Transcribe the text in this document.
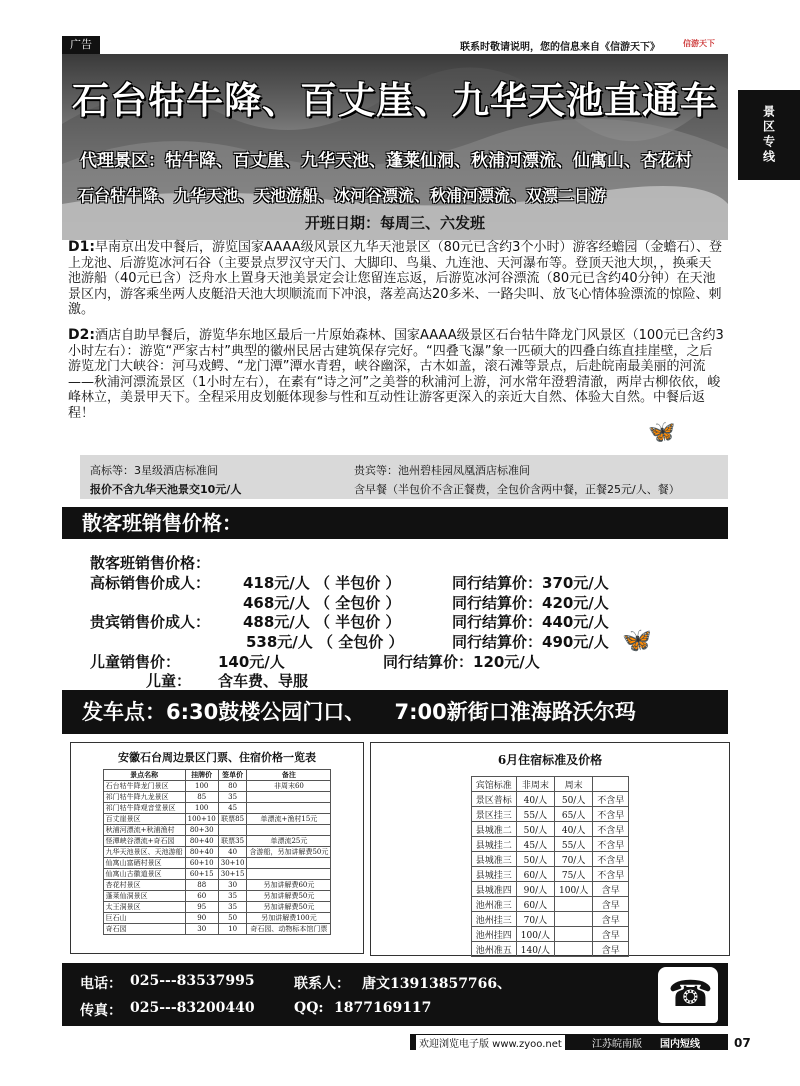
广告	联系时敬请说明，您的信息来自《信游天下》	信游天下
景区专线
石台牯牛降、百丈崖、九华天池直通车
代理景区：牯牛降、百丈崖、九华天池、蓬莱仙洞、秋浦河漂流、仙寓山、杏花村
石台牯牛降、九华天池、天池游船、冰河谷漂流、秋浦河漂流、双漂二日游
开班日期：每周三、六发班
D1:早南京出发中餐后，游览国家AAAA级风景区九华天池景区（80元已含约3个小时）游客经蟾园（金蟾石）、登上龙池、后游览冰河石谷（主要景点罗汉守天门、大脚印、鸟巢、九连池、天河瀑布等。登顶天池大坝，，换乘天池游船（40元已含）泛舟水上置身天池美景定会让您留连忘返，后游览冰河谷漂流（80元已含约40分钟）在天池景区内，游客乘坐两人皮艇沿天池大坝顺流而下冲浪，落差高达20多米、一路尖叫、放飞心情体验漂流的惊险、刺激。
D2:酒店自助早餐后，游览华东地区最后一片原始森林、国家AAAA级景区石台牯牛降龙门风景区（100元已含约3小时左右）：游览“严家古村”典型的徽州民居古建筑保存完好。“四叠飞瀑”象一匹硕大的四叠白练直挂崖壁，之后游览龙门大峡谷：河马戏鳄、“龙门潭”潭水青碧，峡谷幽深，古木如盖，滚石滩等景点，后赴皖南最美丽的河流——秋浦河漂流景区（1小时左右），在素有“诗之河”之美誉的秋浦河上游，河水常年澄碧清澈，两岸古柳依依，峻峰林立，美景甲天下。全程采用皮划艇体现参与性和互动性让游客更深入的亲近大自然、体验大自然。中餐后返程！
🦋
高标等：3星级酒店标准间	贵宾等：池州碧桂园凤凰酒店标准间
报价不含九华天池景交10元/人	含早餐（半包价不含正餐费，全包价含两中餐，正餐25元/人、餐）
散客班销售价格：
散客班销售价格：
高标销售价成人： 418元/人 （ 半包价 ）	同行结算价：370元/人
468元/人 （ 全包价 ）	同行结算价：420元/人
贵宾销售价成人： 488元/人 （ 半包价 ）	同行结算价：440元/人
538元/人 （ 全包价 ）	同行结算价：490元/人
儿童销售价：	140元/人	同行结算价：120元/人
儿童： 含车费、导服
🦋
发车点：6:30鼓楼公园门口、    7:00新街口淮海路沃尔玛
安徽石台周边景区门票、住宿价格一览表
景点名称	挂牌价	签单价	备注
石台牯牛降龙门景区	100	80	非周末60
祁门牯牛降九龙景区	85	35	
祁门牯牛降观音堂景区	100	45	
百丈崖景区	100+10	联票85	单漂流+渔村15元
秋浦河漂流+秋浦渔村	80+30		
怪潭峡谷漂流+奇石园	80+40	联票35	单漂流25元
九华天池景区、天池游船	80+40	40	含游船，另加讲解费50元
仙寓山富硒村景区	60+10	30+10	
仙寓山古徽道景区	60+15	30+15	
杏花村景区	88	30	另加讲解费60元
蓬莱仙洞景区	60	35	另加讲解费50元
太王洞景区	95	35	另加讲解费50元
巨石山	90	50	另加讲解费100元
奇石园	30	10	奇石园、动物标本馆门票
6月住宿标准及价格
宾馆标准	非周末	周末	
景区普标	40/人	50/人	不含早
景区挂三	55/人	65/人	不含早
县城准二	50/人	40/人	不含早
县城挂二	45/人	55/人	不含早
县城准三	50/人	70/人	不含早
县城挂三	60/人	75/人	不含早
县城准四	90/人	100/人	含早
池州准三	60/人		含早
池州挂三	70/人		含早
池州挂四	100/人		含早
池州准五	140/人		含早
电话： 025---83537995	联系人： 唐文13913857766、
传真： 025---83200440	QQ: 1877169117	☎
欢迎浏览电子版 www.zyoo.net	江苏皖南版 国内短线	07
